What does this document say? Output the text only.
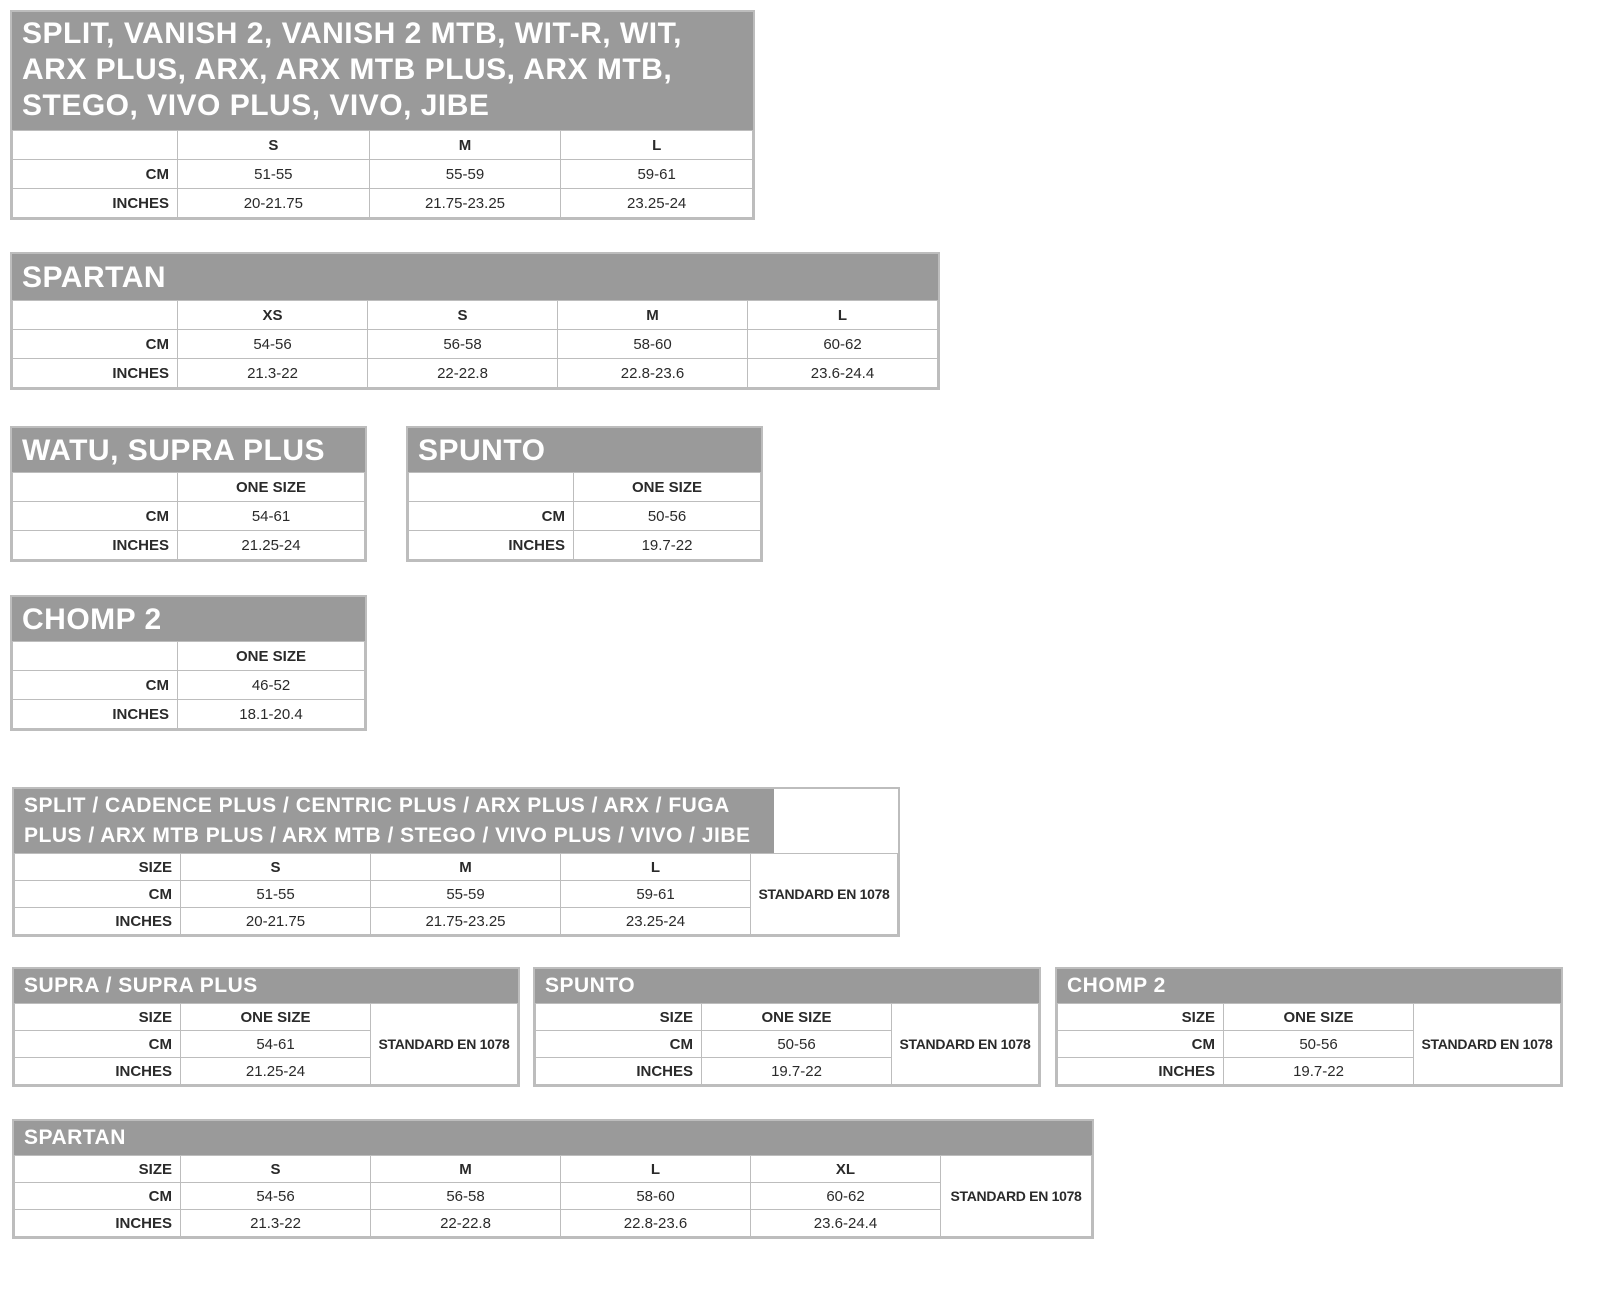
SPLIT, VANISH 2, VANISH 2 MTB, WIT-R, WIT, ARX PLUS, ARX, ARX MTB PLUS, ARX MTB, STEGO, VIVO PLUS, VIVO, JIBE
	S	M	L
CM	51-55	55-59	59-61
INCHES	20-21.75	21.75-23.25	23.25-24
SPARTAN
	XS	S	M	L
CM	54-56	56-58	58-60	60-62
INCHES	21.3-22	22-22.8	22.8-23.6	23.6-24.4
WATU, SUPRA PLUS
	ONE SIZE
CM	54-61
INCHES	21.25-24
SPUNTO
	ONE SIZE
CM	50-56
INCHES	19.7-22
CHOMP 2
	ONE SIZE
CM	46-52
INCHES	18.1-20.4
SPLIT / CADENCE PLUS / CENTRIC PLUS / ARX PLUS / ARX / FUGA PLUS / ARX MTB PLUS / ARX MTB / STEGO / VIVO PLUS / VIVO / JIBE
SIZE	S	M	L	STANDARD EN 1078
CM	51-55	55-59	59-61	
INCHES	20-21.75	21.75-23.25	23.25-24	
SUPRA / SUPRA PLUS
SIZE	ONE SIZE	STANDARD EN 1078
CM	54-61	
INCHES	21.25-24	
SPUNTO
SIZE	ONE SIZE	STANDARD EN 1078
CM	50-56	
INCHES	19.7-22	
CHOMP 2
SIZE	ONE SIZE	STANDARD EN 1078
CM	50-56	
INCHES	19.7-22	
SPARTAN
SIZE	S	M	L	XL	STANDARD EN 1078
CM	54-56	56-58	58-60	60-62	
INCHES	21.3-22	22-22.8	22.8-23.6	23.6-24.4	
